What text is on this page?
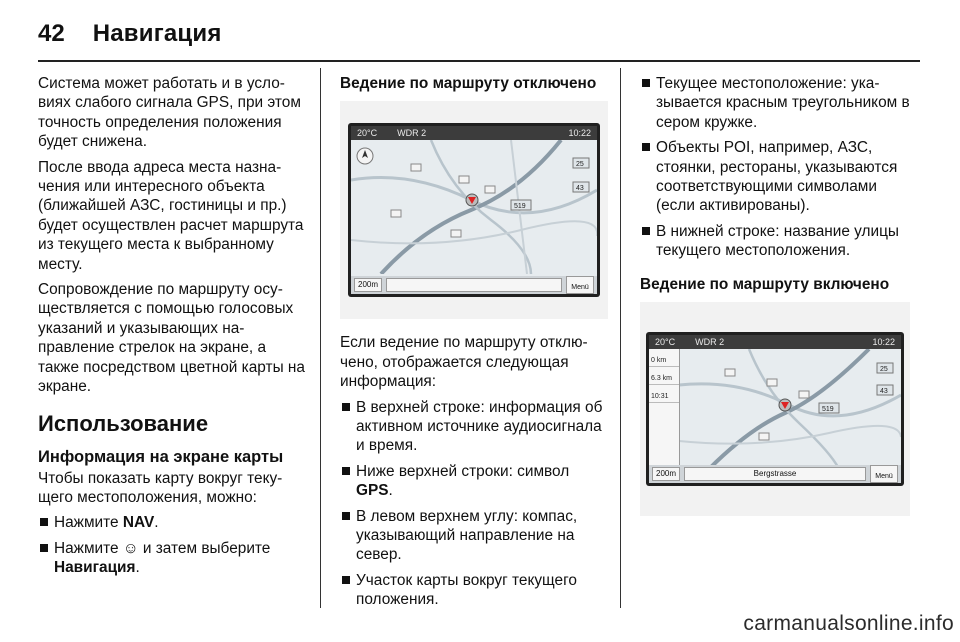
42 Навигация

Система может работать и в условиях слабого сигнала GPS, при этом точность определения положения будет снижена.

После ввода адреса места назначения или интересного объекта (ближайшей АЗС, гостиницы и пр.) будет осуществлен расчет маршрута из текущего места к выбранному месту.

Сопровождение по маршруту осуществляется с помощью голосовых указаний и указывающих направление стрелок на экране, а также посредством цветной карты на экране.

Использование
Информация на экране карты

Чтобы показать карту вокруг текущего местоположения, можно:

Нажмите NAV.
Нажмите ☺ и затем выберите
Навигация.
Ведение по маршруту отключено
20°C WDR 2	10:22
519
43
25
200m	Menü

Если ведение по маршруту отключено, отображается следующая информация:

В верхней строке: информация об активном источнике аудиосигнала и время.
Ниже верхней строки: символ
GPS.
В левом верхнем углу: компас, указывающий направление на север.
Участок карты вокруг текущего положения.
Текущее местоположение: указывается красным треугольником в сером кружке.
Объекты POI, например, АЗС, стоянки, рестораны, указываются соответствующими символами (если активированы).
В нижней строке: название улицы текущего местоположения.
Ведение по маршруту включено
20°C WDR 2	10:22
519
43
25
0 km
6.3 km
10:31
200m	Bergstrasse	Menü
carmanualsonline.info
